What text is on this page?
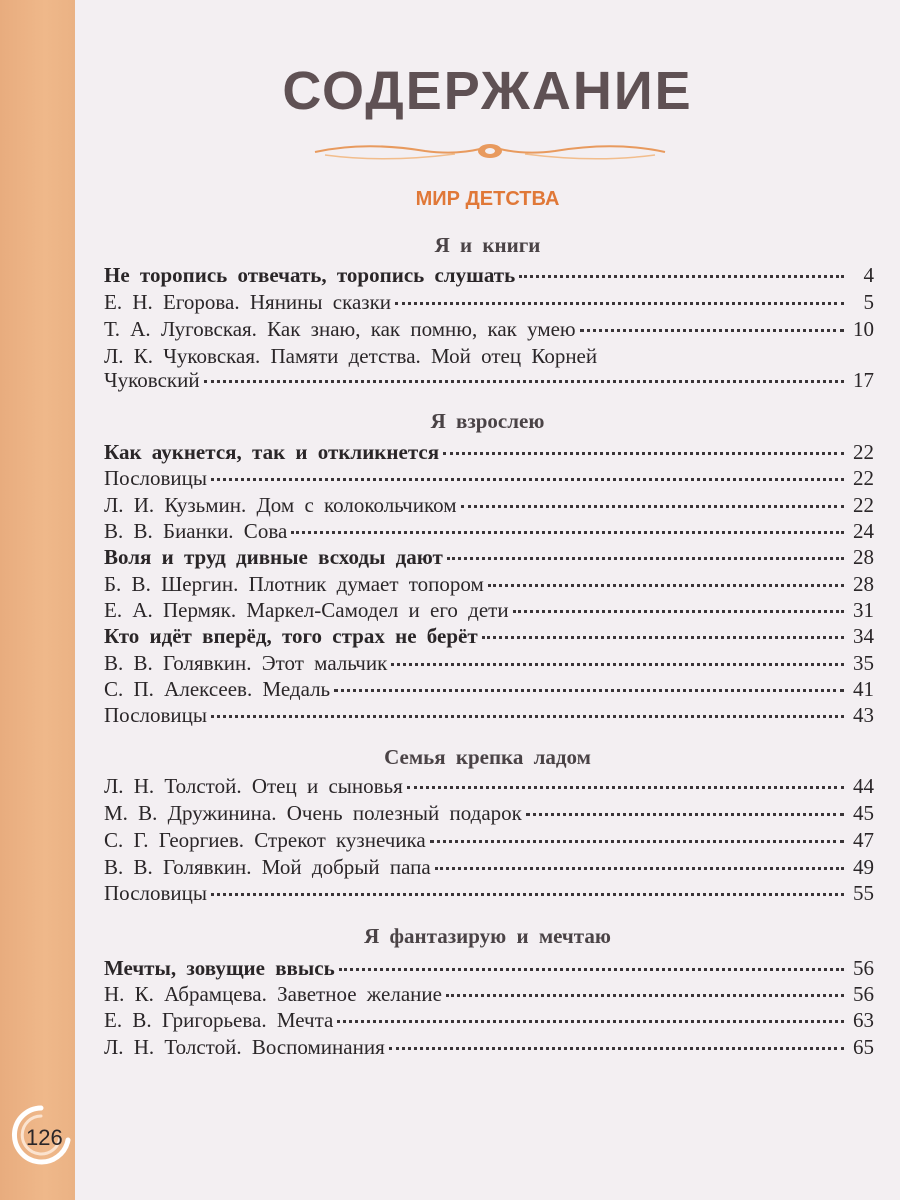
126
СОДЕРЖАНИЕ
МИР ДЕТСТВА
Я и книги
Не торопись отвечать, торопись слушать	4
Е. Н. Егорова. Нянины сказки	5
Т. А. Луговская. Как знаю, как помню, как умею	10
Л. К. Чуковская. Памяти детства. Мой отец Корней
Чуковский	17
Я взрослею
Как аукнется, так и откликнется	22
Пословицы	22
Л. И. Кузьмин. Дом с колокольчиком	22
В. В. Бианки. Сова	24
Воля и труд дивные всходы дают	28
Б. В. Шергин. Плотник думает топором	28
Е. А. Пермяк. Маркел-Самодел и его дети	31
Кто идёт вперёд, того страх не берёт	34
В. В. Голявкин. Этот мальчик	35
С. П. Алексеев. Медаль	41
Пословицы	43
Семья крепка ладом
Л. Н. Толстой. Отец и сыновья	44
М. В. Дружинина. Очень полезный подарок	45
С. Г. Георгиев. Стрекот кузнечика	47
В. В. Голявкин. Мой добрый папа	49
Пословицы	55
Я фантазирую и мечтаю
Мечты, зовущие ввысь	56
Н. К. Абрамцева. Заветное желание	56
Е. В. Григорьева. Мечта	63
Л. Н. Толстой. Воспоминания	65
